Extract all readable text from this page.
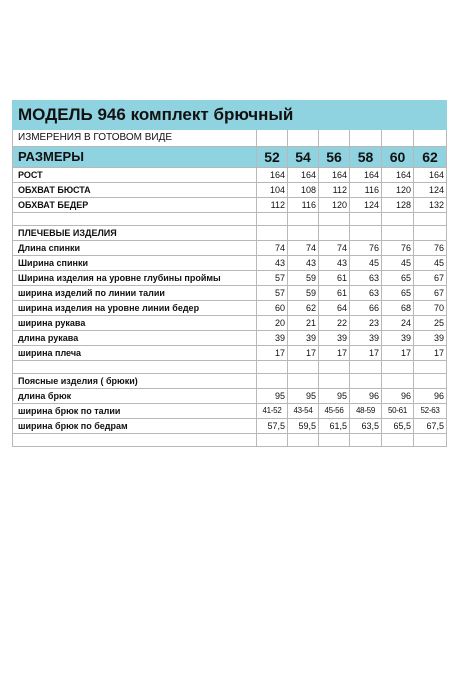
МОДЕЛЬ 946 комплект брючный						
ИЗМЕРЕНИЯ В ГОТОВОМ ВИДЕ						
РАЗМЕРЫ	52	54	56	58	60	62
РОСТ	164	164	164	164	164	164
ОБХВАТ БЮСТА	104	108	112	116	120	124
ОБХВАТ БЕДЕР	112	116	120	124	128	132

ПЛЕЧЕВЫЕ ИЗДЕЛИЯ						
Длина спинки	74	74	74	76	76	76
Ширина спинки	43	43	43	45	45	45
Ширина изделия на уровне глубины проймы	57	59	61	63	65	67
ширина изделий по линии талии	57	59	61	63	65	67
ширина изделия на уровне линии бедер	60	62	64	66	68	70
ширина рукава	20	21	22	23	24	25
длина рукава	39	39	39	39	39	39
ширина плеча	17	17	17	17	17	17

Поясные изделия ( брюки)						
длина брюк	95	95	95	96	96	96
ширина брюк по талии	41-52	43-54	45-56	48-59	50-61	52-63
ширина брюк по бедрам	57,5	59,5	61,5	63,5	65,5	67,5
